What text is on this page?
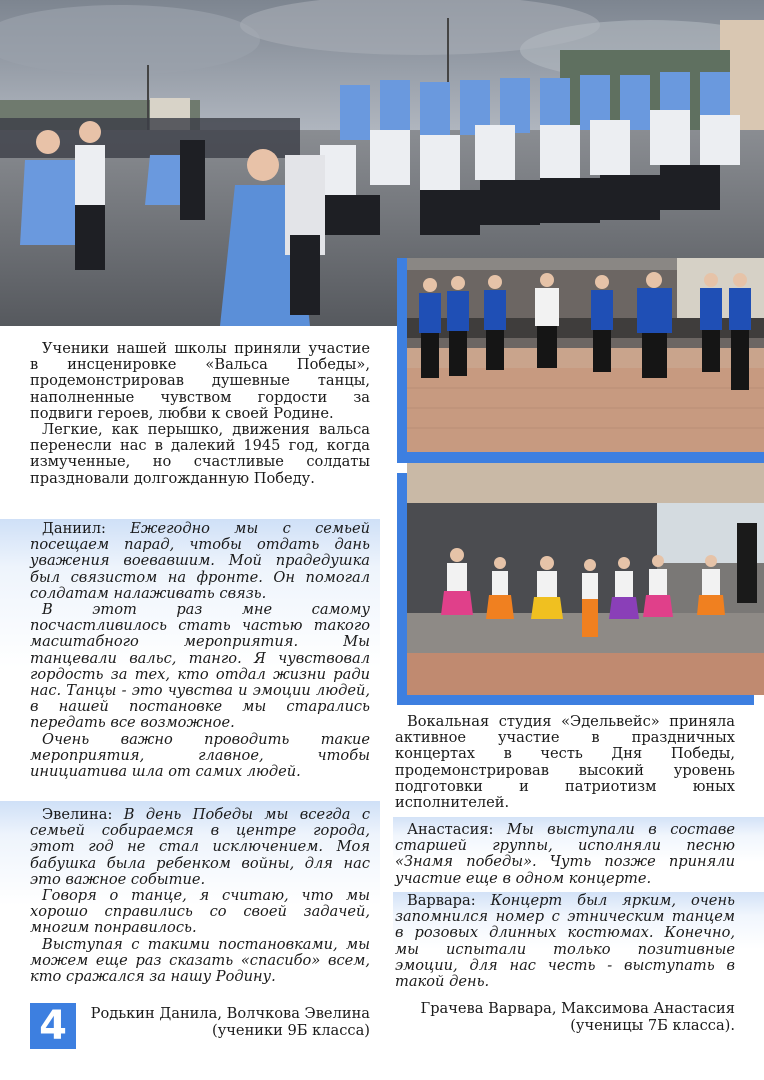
Ученики нашей школы приняли участие в инсценировке «Вальса Победы», продемонстрировав душевные танцы, наполненные чувством гордости за подвиги героев, любви к своей Родине.

Легкие, как перышко, движения вальса перенесли нас в далекий 1945 год, когда измученные, но счастливые солдаты праздновали долгожданную Победу.

Даниил: Ежегодно мы с семьей посещаем парад, чтобы отдать дань уважения воевавшим. Мой прадедушка был связистом на фронте. Он помогал солдатам налаживать связь.

В этот раз мне самому посчастливилось стать частью такого масштабного мероприятия. Мы танцевали вальс, танго. Я чувствовал гордость за тех, кто отдал жизни ради нас. Танцы - это чувства и эмоции людей, в нашей постановке мы старались передать все возможное.

Очень важно проводить такие мероприятия, главное, чтобы инициатива шла от самих людей.

Эвелина: В день Победы мы всегда с семьей собираемся в центре города, этот год не стал исключением. Моя бабушка была ребенком войны, для нас это важное событие.

Говоря о танце, я считаю, что мы хорошо справились со своей задачей, многим понравилось.

Выступая с такими постановками, мы можем еще раз сказать «спасибо» всем, кто сражался за нашу Родину.

4	Родькин Данила, Волчкова Эвелина
(ученики 9Б класса)

Вокальная студия «Эдельвейс» приняла активное участие в праздничных концертах в честь Дня Победы, продемонстрировав высокий уровень подготовки и патриотизм юных исполнителей.

Анастасия: Мы выступали в составе старшей группы, исполняли песню «Знамя победы». Чуть позже приняли участие еще в одном концерте.

Варвара: Концерт был ярким, очень запомнился номер с этническим танцем в розовых длинных костюмах. Конечно, мы испытали только позитивные эмоции, для нас честь - выступать в такой день.

Грачева Варвара, Максимова Анастасия
(ученицы 7Б класса).
